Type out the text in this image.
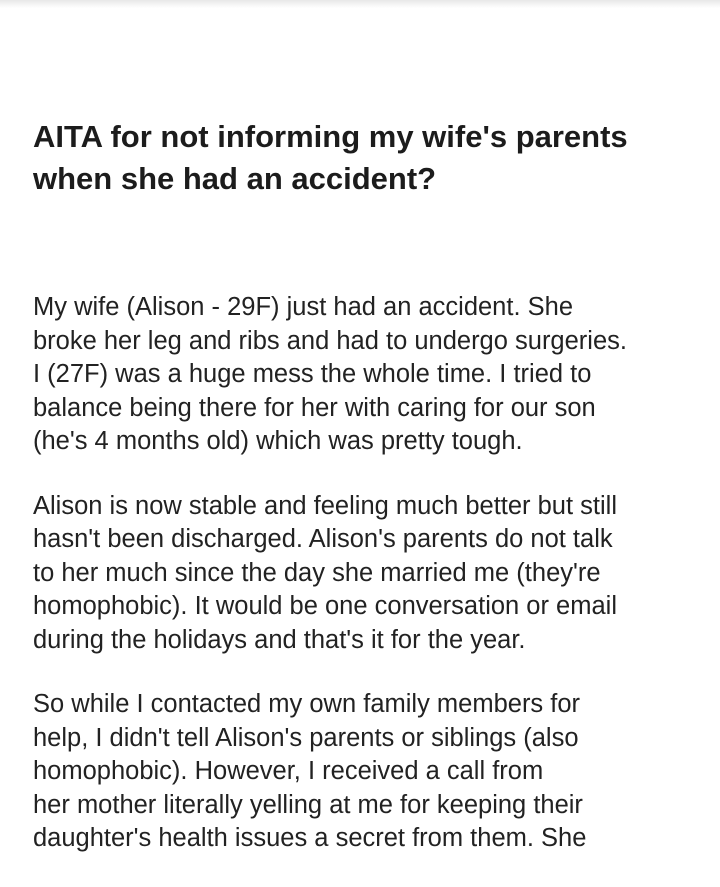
AITA for not informing my wife's parents
when she had an accident?

My wife (Alison - 29F) just had an accident. She
broke her leg and ribs and had to undergo surgeries.
I (27F) was a huge mess the whole time. I tried to
balance being there for her with caring for our son
(he's 4 months old) which was pretty tough.

Alison is now stable and feeling much better but still
hasn't been discharged. Alison's parents do not talk
to her much since the day she married me (they're
homophobic). It would be one conversation or email
during the holidays and that's it for the year.

So while I contacted my own family members for
help, I didn't tell Alison's parents or siblings (also
homophobic). However, I received a call from
her mother literally yelling at me for keeping their
daughter's health issues a secret from them. She
